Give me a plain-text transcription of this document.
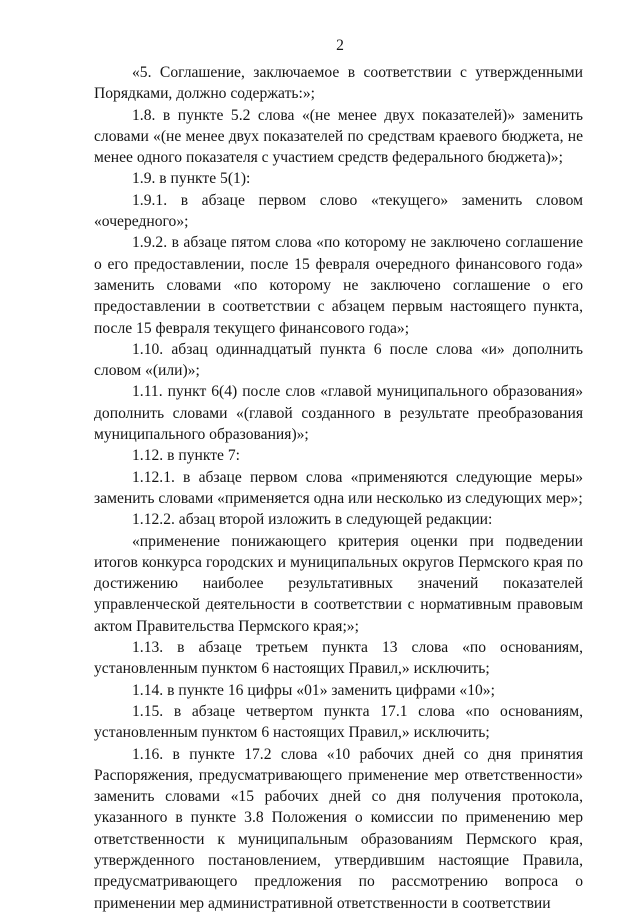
2

«5. Соглашение, заключаемое в соответствии с утвержденными Порядками, должно содержать:»;

1.8. в пункте 5.2 слова «(не менее двух показателей)» заменить словами «(не менее двух показателей по средствам краевого бюджета, не менее одного показателя с участием средств федерального бюджета)»;

1.9. в пункте 5(1):

1.9.1. в абзаце первом слово «текущего» заменить словом «очередного»;

1.9.2. в абзаце пятом слова «по которому не заключено соглашение о его предоставлении, после 15 февраля очередного финансового года» заменить словами «по которому не заключено соглашение о его предоставлении в соответствии с абзацем первым настоящего пункта, после 15 февраля текущего финансового года»;

1.10. абзац одиннадцатый пункта 6 после слова «и» дополнить словом «(или)»;

1.11. пункт 6(4) после слов «главой муниципального образования» дополнить словами «(главой созданного в результате преобразования муниципального образования)»;

1.12. в пункте 7:

1.12.1. в абзаце первом слова «применяются следующие меры» заменить словами «применяется одна или несколько из следующих мер»;

1.12.2. абзац второй изложить в следующей редакции:

«применение понижающего критерия оценки при подведении итогов конкурса городских и муниципальных округов Пермского края по достижению наиболее результативных значений показателей управленческой деятельности в соответствии с нормативным правовым актом Правительства Пермского края;»;

1.13. в абзаце третьем пункта 13 слова «по основаниям, установленным пунктом 6 настоящих Правил,» исключить;

1.14. в пункте 16 цифры «01» заменить цифрами «10»;

1.15. в абзаце четвертом пункта 17.1 слова «по основаниям, установленным пунктом 6 настоящих Правил,» исключить;

1.16. в пункте 17.2 слова «10 рабочих дней со дня принятия Распоряжения, предусматривающего применение мер ответственности» заменить словами «15 рабочих дней со дня получения протокола, указанного в пункте 3.8 Положения о комиссии по применению мер ответственности к муниципальным образованиям Пермского края, утвержденного постановлением, утвердившим настоящие Правила, предусматривающего предложения по рассмотрению вопроса о применении мер административной ответственности в соответствии
